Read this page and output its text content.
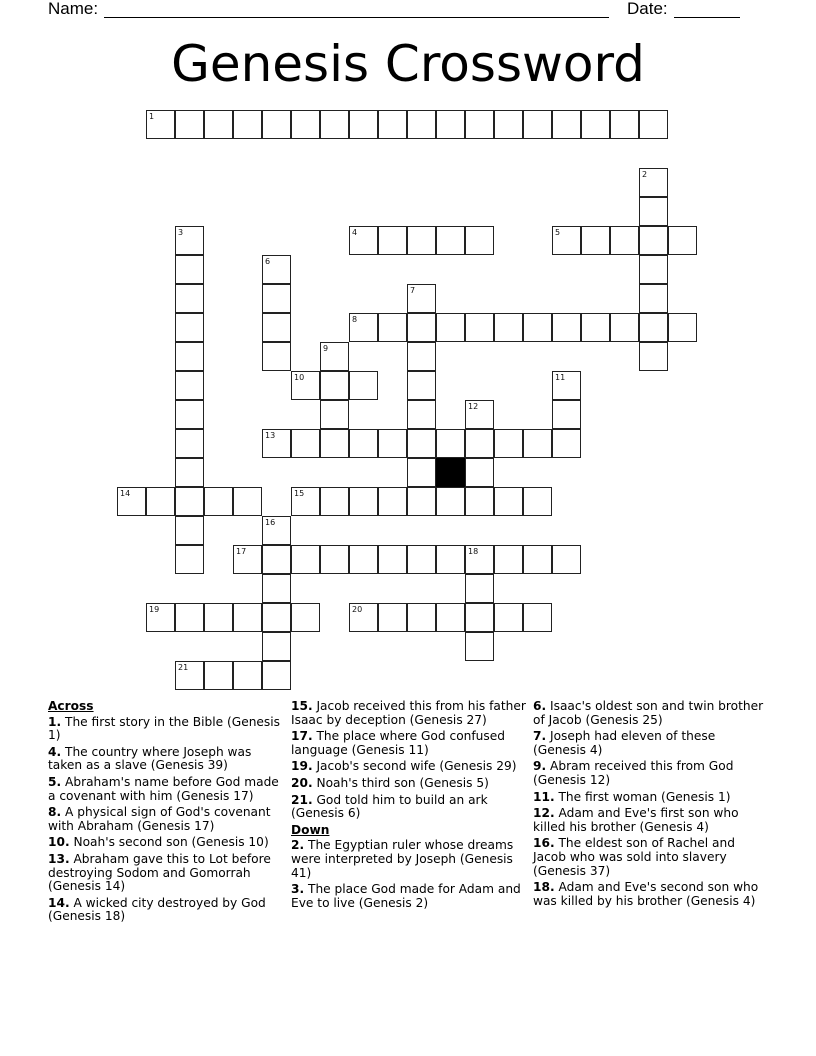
Name:	Date:
Genesis Crossword
1
2
3	4	5
6
7
8
9
10	11
12
13
14	15
16
17	18
19	20
21
Across
1. The first story in the Bible (Genesis 1)
4. The country where Joseph was taken as a slave (Genesis 39)
5. Abraham's name before God made a covenant with him (Genesis 17)
8. A physical sign of God's covenant with Abraham (Genesis 17)
10. Noah's second son (Genesis 10)
13. Abraham gave this to Lot before destroying Sodom and Gomorrah (Genesis 14)
14. A wicked city destroyed by God (Genesis 18)
15. Jacob received this from his father Isaac by deception (Genesis 27)
17. The place where God confused language (Genesis 11)
19. Jacob's second wife (Genesis 29)
20. Noah's third son (Genesis 5)
21. God told him to build an ark (Genesis 6)
Down
2. The Egyptian ruler whose dreams were interpreted by Joseph (Genesis 41)
3. The place God made for Adam and Eve to live (Genesis 2)
6. Isaac's oldest son and twin brother of Jacob (Genesis 25)
7. Joseph had eleven of these (Genesis 4)
9. Abram received this from God (Genesis 12)
11. The first woman (Genesis 1)
12. Adam and Eve's first son who killed his brother (Genesis 4)
16. The eldest son of Rachel and Jacob who was sold into slavery (Genesis 37)
18. Adam and Eve's second son who was killed by his brother (Genesis 4)
